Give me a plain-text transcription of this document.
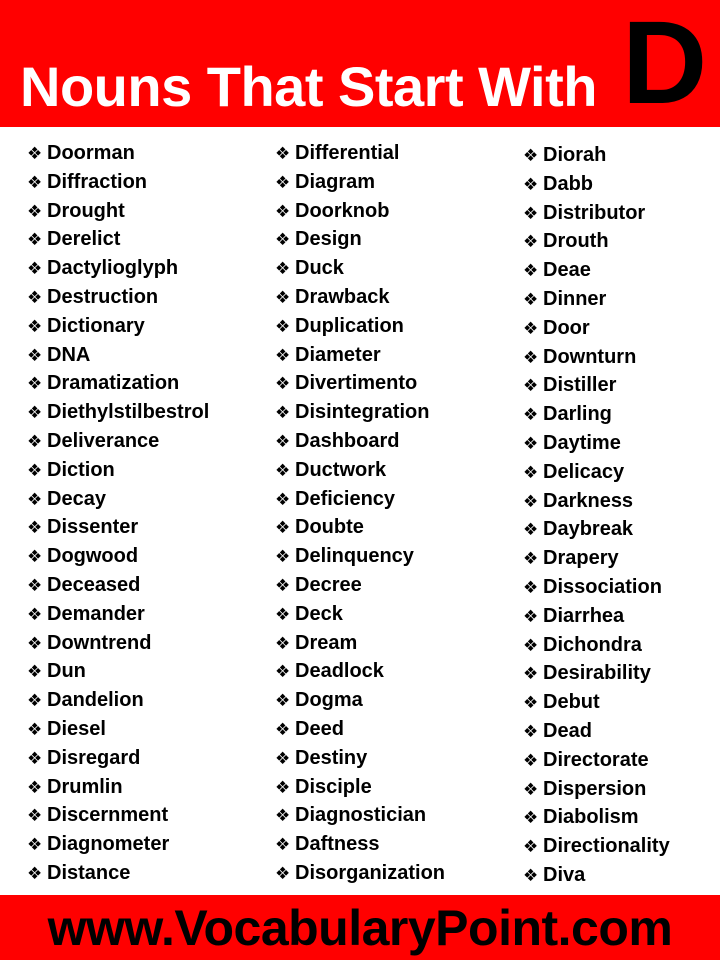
Nouns That Start With D
❖ Doorman
❖ Diffraction
❖ Drought
❖ Derelict
❖ Dactylioglyph
❖ Destruction
❖ Dictionary
❖ DNA
❖ Dramatization
❖ Diethylstilbestrol
❖ Deliverance
❖ Diction
❖ Decay
❖ Dissenter
❖ Dogwood
❖ Deceased
❖ Demander
❖ Downtrend
❖ Dun
❖ Dandelion
❖ Diesel
❖ Disregard
❖ Drumlin
❖ Discernment
❖ Diagnometer
❖ Distance
❖ Differential
❖ Diagram
❖ Doorknob
❖ Design
❖ Duck
❖ Drawback
❖ Duplication
❖ Diameter
❖ Divertimento
❖ Disintegration
❖ Dashboard
❖ Ductwork
❖ Deficiency
❖ Doubte
❖ Delinquency
❖ Decree
❖ Deck
❖ Dream
❖ Deadlock
❖ Dogma
❖ Deed
❖ Destiny
❖ Disciple
❖ Diagnostician
❖ Daftness
❖ Disorganization
❖ Diorah
❖ Dabb
❖ Distributor
❖ Drouth
❖ Deae
❖ Dinner
❖ Door
❖ Downturn
❖ Distiller
❖ Darling
❖ Daytime
❖ Delicacy
❖ Darkness
❖ Daybreak
❖ Drapery
❖ Dissociation
❖ Diarrhea
❖ Dichondra
❖ Desirability
❖ Debut
❖ Dead
❖ Directorate
❖ Dispersion
❖ Diabolism
❖ Directionality
❖ Diva
www.VocabularyPoint.com
